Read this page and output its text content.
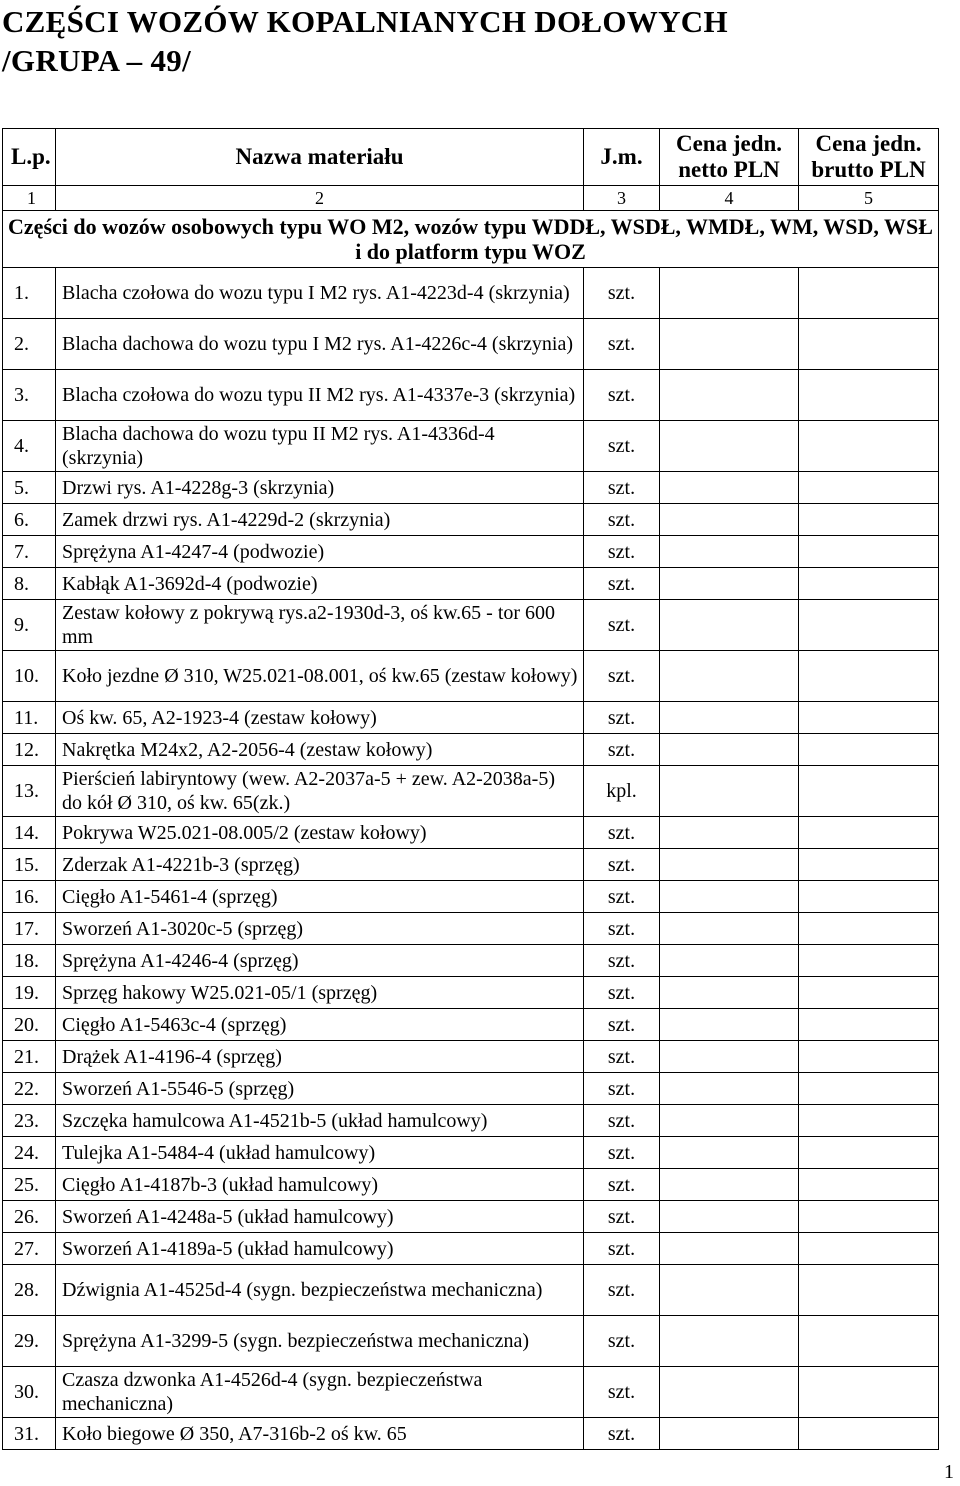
CZĘŚCI WOZÓW KOPALNIANYCH DOŁOWYCH
/GRUPA – 49/
L.p.	Nazwa materiału	J.m.	Cena jedn. netto PLN	Cena jedn. brutto PLN
1	2	3	4	5
Części do wozów osobowych typu WO M2, wozów typu WDDŁ, WSDŁ, WMDŁ, WM, WSD, WSŁ i do platform typu WOZ				
1.	Blacha czołowa do wozu typu I M2 rys. A1-4223d-4 (skrzynia)	szt.		
2.	Blacha dachowa do wozu typu I M2 rys. A1-4226c-4 (skrzynia)	szt.		
3.	Blacha czołowa do wozu typu II M2 rys. A1-4337e-3 (skrzynia)	szt.		
4.	Blacha dachowa do wozu typu II M2 rys. A1-4336d-4 (skrzynia)	szt.		
5.	Drzwi rys. A1-4228g-3 (skrzynia)	szt.		
6.	Zamek drzwi rys. A1-4229d-2 (skrzynia)	szt.		
7.	Sprężyna A1-4247-4 (podwozie)	szt.		
8.	Kabłąk A1-3692d-4 (podwozie)	szt.		
9.	Zestaw kołowy z pokrywą rys.a2-1930d-3, oś kw.65 - tor 600 mm	szt.		
10.	Koło jezdne Ø 310, W25.021-08.001, oś kw.65 (zestaw kołowy)	szt.		
11.	Oś kw. 65, A2-1923-4 (zestaw kołowy)	szt.		
12.	Nakrętka M24x2, A2-2056-4 (zestaw kołowy)	szt.		
13.	Pierścień labiryntowy (wew. A2-2037a-5 + zew. A2-2038a-5) do kół Ø 310, oś kw. 65(zk.)	kpl.		
14.	Pokrywa W25.021-08.005/2 (zestaw kołowy)	szt.		
15.	Zderzak A1-4221b-3 (sprzęg)	szt.		
16.	Cięgło A1-5461-4 (sprzęg)	szt.		
17.	Sworzeń A1-3020c-5 (sprzęg)	szt.		
18.	Sprężyna A1-4246-4 (sprzęg)	szt.		
19.	Sprzęg hakowy W25.021-05/1 (sprzęg)	szt.		
20.	Cięgło A1-5463c-4 (sprzęg)	szt.		
21.	Drążek A1-4196-4 (sprzęg)	szt.		
22.	Sworzeń A1-5546-5 (sprzęg)	szt.		
23.	Szczęka hamulcowa A1-4521b-5 (układ hamulcowy)	szt.		
24.	Tulejka A1-5484-4 (układ hamulcowy)	szt.		
25.	Cięgło A1-4187b-3 (układ hamulcowy)	szt.		
26.	Sworzeń A1-4248a-5 (układ hamulcowy)	szt.		
27.	Sworzeń A1-4189a-5 (układ hamulcowy)	szt.		
28.	Dźwignia A1-4525d-4 (sygn. bezpieczeństwa mechaniczna)	szt.		
29.	Sprężyna A1-3299-5 (sygn. bezpieczeństwa mechaniczna)	szt.		
30.	Czasza dzwonka A1-4526d-4 (sygn. bezpieczeństwa mechaniczna)	szt.		
31.	Koło biegowe Ø 350, A7-316b-2 oś kw. 65	szt.		
1
